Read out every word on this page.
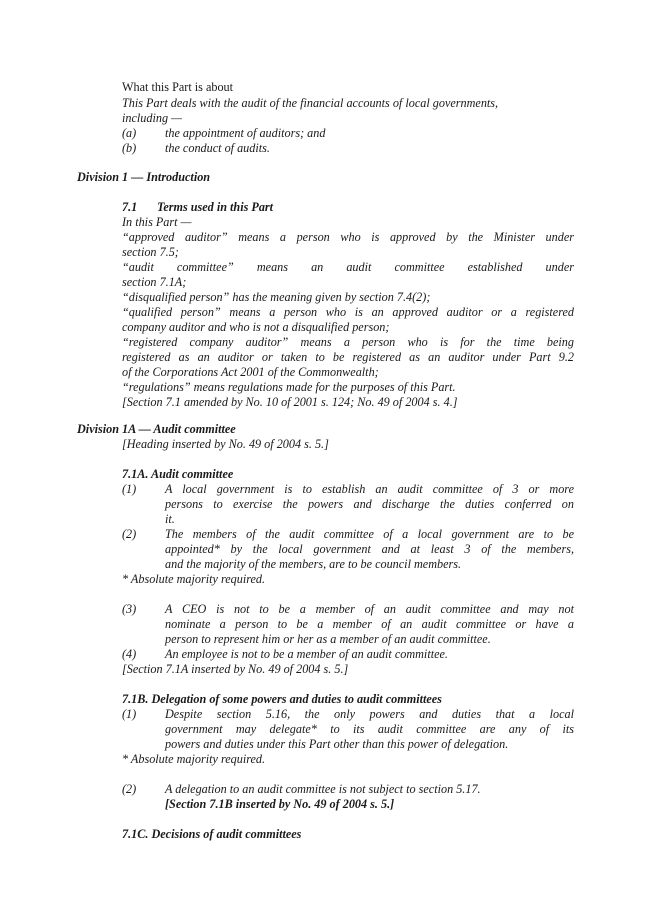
What this Part is about
This Part deals with the audit of the financial accounts of local governments,
including —
(a) the appointment of auditors; and
(b) the conduct of audits.
Division 1 — Introduction
7.1 Terms used in this Part
In this Part —
“approved auditor” means a person who is approved by the Minister under
section 7.5;
“audit committee” means an audit committee established under
section 7.1A;
“disqualified person” has the meaning given by section 7.4(2);
“qualified person” means a person who is an approved auditor or a registered
company auditor and who is not a disqualified person;
“registered company auditor” means a person who is for the time being
registered as an auditor or taken to be registered as an auditor under Part 9.2
of the Corporations Act 2001 of the Commonwealth;
“regulations” means regulations made for the purposes of this Part.
[Section 7.1 amended by No. 10 of 2001 s. 124; No. 49 of 2004 s. 4.]
Division 1A — Audit committee
[Heading inserted by No. 49 of 2004 s. 5.]
7.1A. Audit committee
(1) A local government is to establish an audit committee of 3 or more
persons to exercise the powers and discharge the duties conferred on
it.
(2) The members of the audit committee of a local government are to be
appointed* by the local government and at least 3 of the members,
and the majority of the members, are to be council members.
* Absolute majority required.
(3) A CEO is not to be a member of an audit committee and may not
nominate a person to be a member of an audit committee or have a
person to represent him or her as a member of an audit committee.
(4) An employee is not to be a member of an audit committee.
[Section 7.1A inserted by No. 49 of 2004 s. 5.]
7.1B. Delegation of some powers and duties to audit committees
(1) Despite section 5.16, the only powers and duties that a local
government may delegate* to its audit committee are any of its
powers and duties under this Part other than this power of delegation.
* Absolute majority required.
(2) A delegation to an audit committee is not subject to section 5.17.
[Section 7.1B inserted by No. 49 of 2004 s. 5.]
7.1C. Decisions of audit committees
